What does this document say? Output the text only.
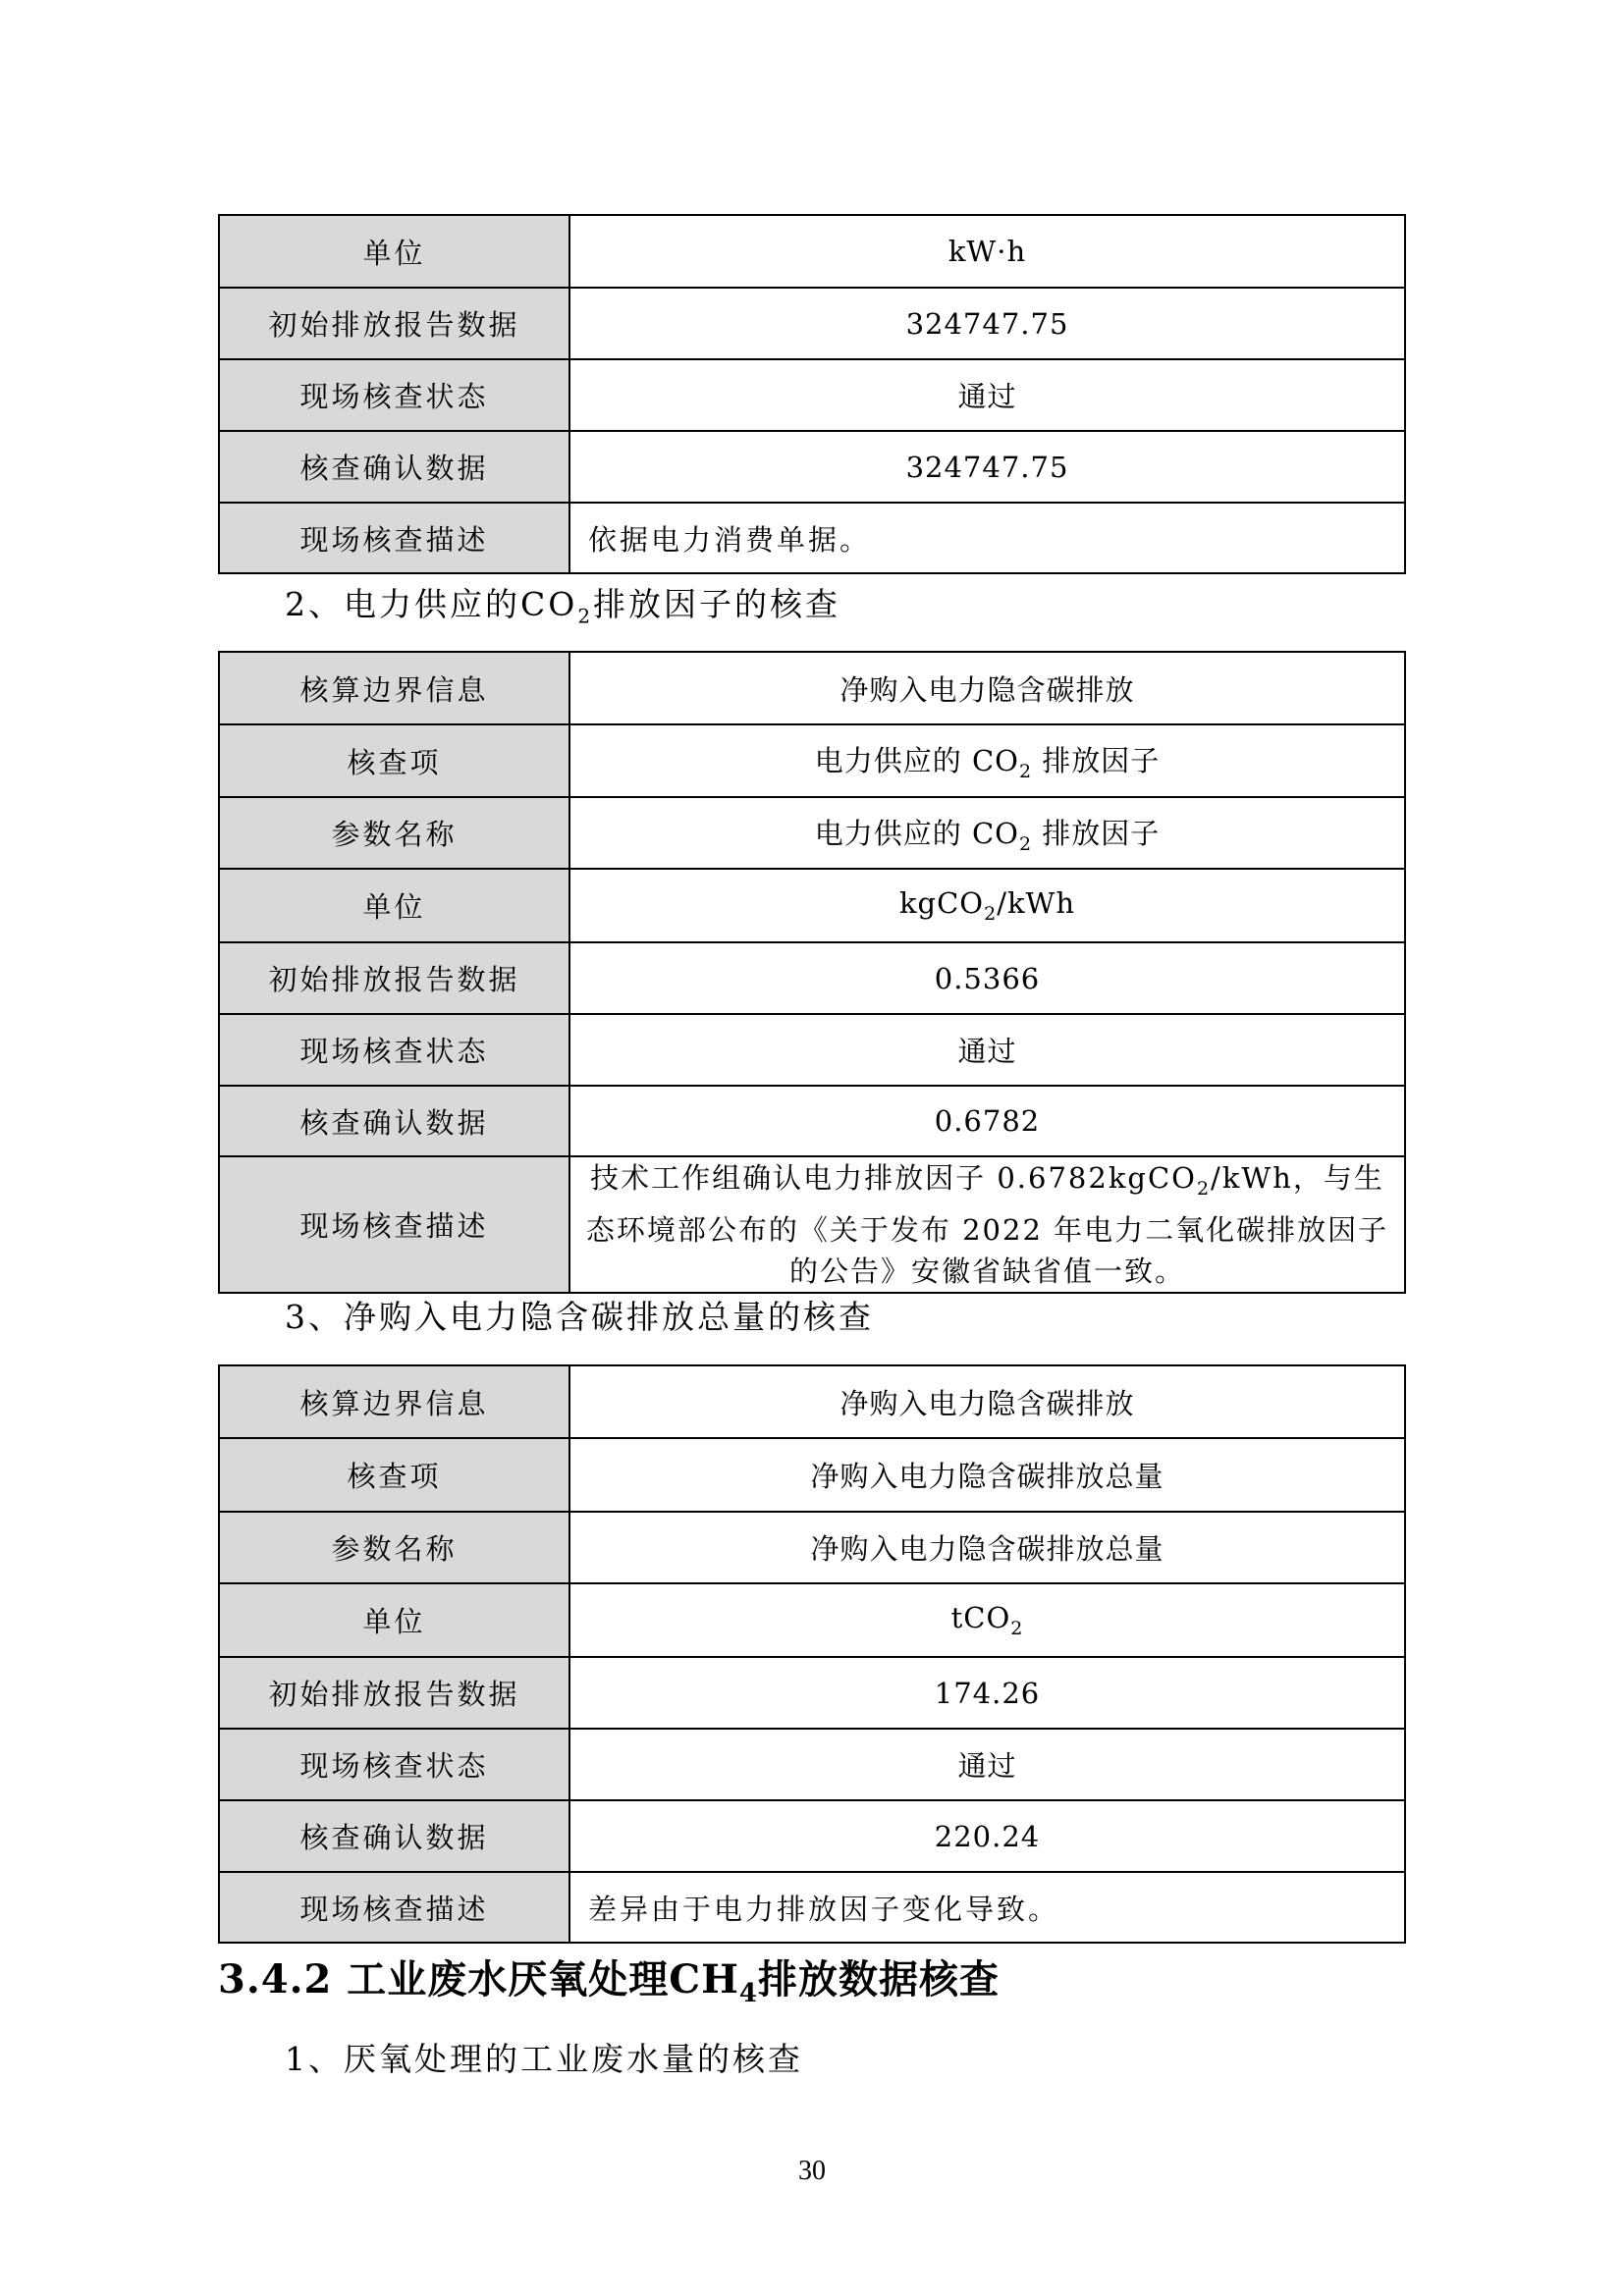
单位	kW·h
初始排放报告数据	324747.75
现场核查状态	通过
核查确认数据	324747.75
现场核查描述	依据电力消费单据。
2、电力供应的$CO_2$排放因子的核查
核算边界信息	净购入电力隐含碳排放
核查项	电力供应的 $CO_2$ 排放因子
参数名称	电力供应的 $CO_2$ 排放因子
单位	kgCO$_2$/kWh
初始排放报告数据	0.5366
现场核查状态	通过
核查确认数据	0.6782
现场核查描述	技术工作组确认电力排放因子 0.6782kgCO$_2$/kWh，与生态环境部公布的《关于发布 2022 年电力二氧化碳排放因子的公告》安徽省缺省值一致。
3、净购入电力隐含碳排放总量的核查
核算边界信息	净购入电力隐含碳排放
核查项	净购入电力隐含碳排放总量
参数名称	净购入电力隐含碳排放总量
单位	tCO$_2$
初始排放报告数据	174.26
现场核查状态	通过
核查确认数据	220.24
现场核查描述	差异由于电力排放因子变化导致。
3.4.2 工业废水厌氧处理$CH_4$排放数据核查
1、厌氧处理的工业废水量的核查
30
